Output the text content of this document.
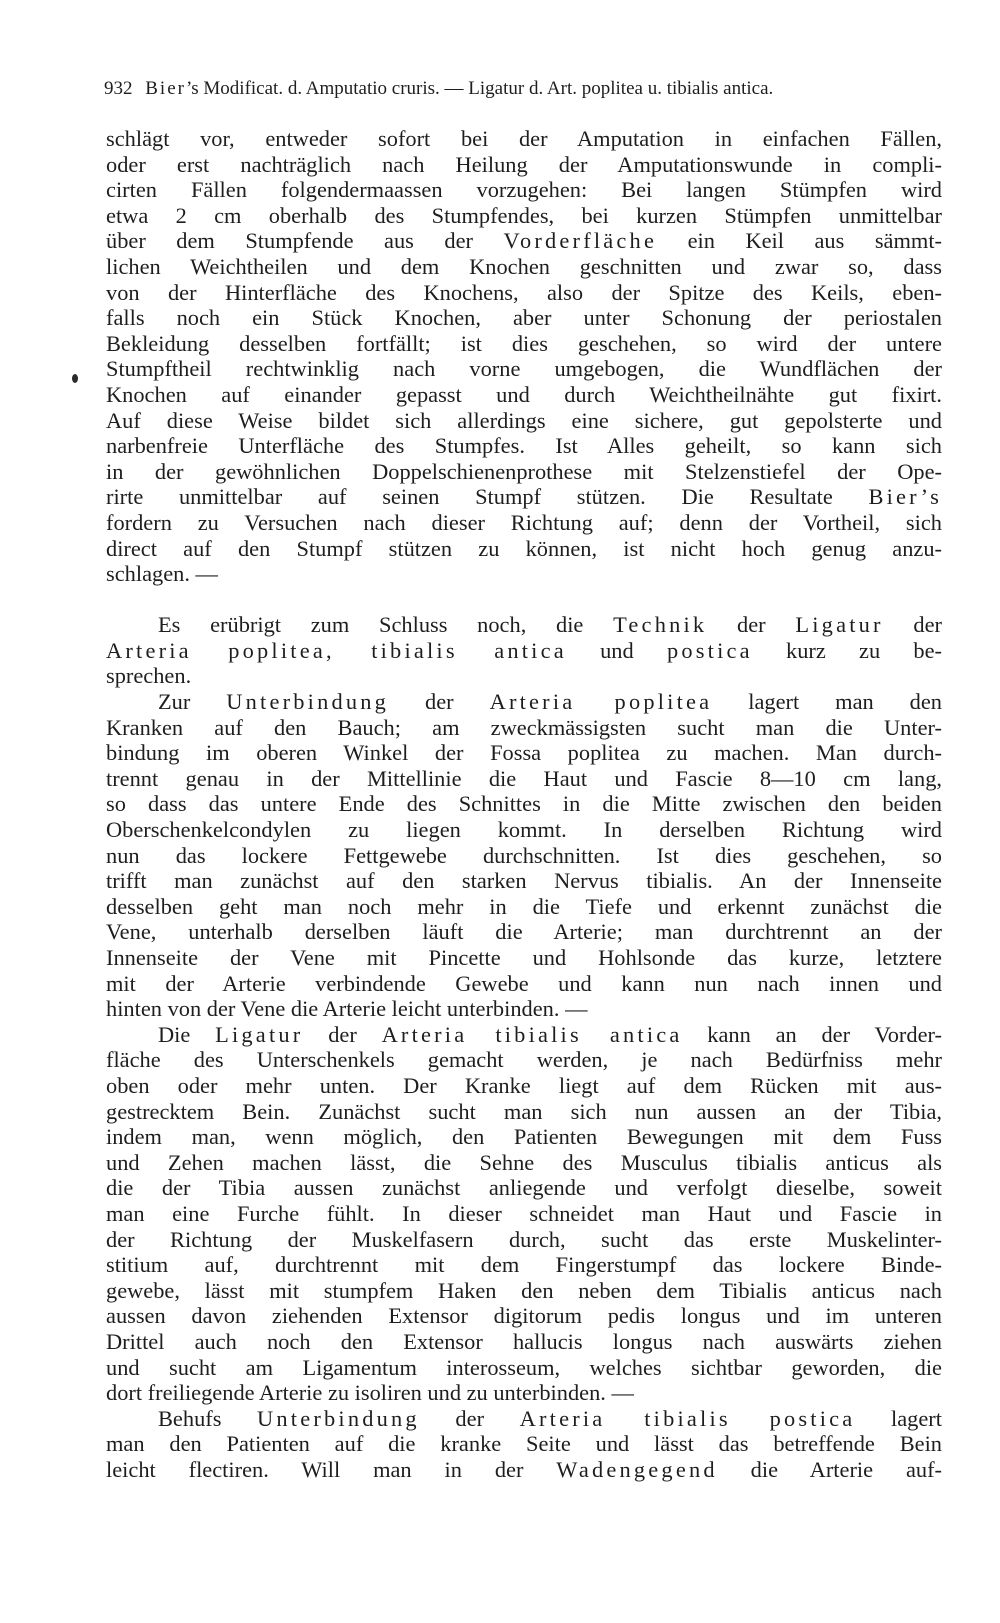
932 Bier’s Modificat. d. Amputatio cruris. — Ligatur d. Art. poplitea u. tibialis antica.
schlägt vor, entweder sofort bei der Amputation in einfachen Fällen,
oder erst nachträglich nach Heilung der Amputationswunde in compli-
cirten Fällen folgendermaassen vorzugehen: Bei langen Stümpfen wird
etwa 2 cm oberhalb des Stumpfendes, bei kurzen Stümpfen unmittelbar
über dem Stumpfende aus der Vorderfläche ein Keil aus sämmt-
lichen Weichtheilen und dem Knochen geschnitten und zwar so, dass
von der Hinterfläche des Knochens, also der Spitze des Keils, eben-
falls noch ein Stück Knochen, aber unter Schonung der periostalen
Bekleidung desselben fortfällt; ist dies geschehen, so wird der untere
Stumpftheil rechtwinklig nach vorne umgebogen, die Wundflächen der
Knochen auf einander gepasst und durch Weichtheilnähte gut fixirt.
Auf diese Weise bildet sich allerdings eine sichere, gut gepolsterte und
narbenfreie Unterfläche des Stumpfes. Ist Alles geheilt, so kann sich
in der gewöhnlichen Doppelschienenprothese mit Stelzenstiefel der Ope-
rirte unmittelbar auf seinen Stumpf stützen. Die Resultate Bier’s
fordern zu Versuchen nach dieser Richtung auf; denn der Vortheil, sich
direct auf den Stumpf stützen zu können, ist nicht hoch genug anzu-
schlagen. —
Es erübrigt zum Schluss noch, die Technik der Ligatur der
Arteria poplitea, tibialis antica und postica kurz zu be-
sprechen.
Zur Unterbindung der Arteria poplitea lagert man den
Kranken auf den Bauch; am zweckmässigsten sucht man die Unter-
bindung im oberen Winkel der Fossa poplitea zu machen. Man durch-
trennt genau in der Mittellinie die Haut und Fascie 8—10 cm lang,
so dass das untere Ende des Schnittes in die Mitte zwischen den beiden
Oberschenkelcondylen zu liegen kommt. In derselben Richtung wird
nun das lockere Fettgewebe durchschnitten. Ist dies geschehen, so
trifft man zunächst auf den starken Nervus tibialis. An der Innenseite
desselben geht man noch mehr in die Tiefe und erkennt zunächst die
Vene, unterhalb derselben läuft die Arterie; man durchtrennt an der
Innenseite der Vene mit Pincette und Hohlsonde das kurze, letztere
mit der Arterie verbindende Gewebe und kann nun nach innen und
hinten von der Vene die Arterie leicht unterbinden. —
Die Ligatur der Arteria tibialis antica kann an der Vorder-
fläche des Unterschenkels gemacht werden, je nach Bedürfniss mehr
oben oder mehr unten. Der Kranke liegt auf dem Rücken mit aus-
gestrecktem Bein. Zunächst sucht man sich nun aussen an der Tibia,
indem man, wenn möglich, den Patienten Bewegungen mit dem Fuss
und Zehen machen lässt, die Sehne des Musculus tibialis anticus als
die der Tibia aussen zunächst anliegende und verfolgt dieselbe, soweit
man eine Furche fühlt. In dieser schneidet man Haut und Fascie in
der Richtung der Muskelfasern durch, sucht das erste Muskelinter-
stitium auf, durchtrennt mit dem Fingerstumpf das lockere Binde-
gewebe, lässt mit stumpfem Haken den neben dem Tibialis anticus nach
aussen davon ziehenden Extensor digitorum pedis longus und im unteren
Drittel auch noch den Extensor hallucis longus nach auswärts ziehen
und sucht am Ligamentum interosseum, welches sichtbar geworden, die
dort freiliegende Arterie zu isoliren und zu unterbinden. —
Behufs Unterbindung der Arteria tibialis postica lagert
man den Patienten auf die kranke Seite und lässt das betreffende Bein
leicht flectiren. Will man in der Wadengegend die Arterie auf-
